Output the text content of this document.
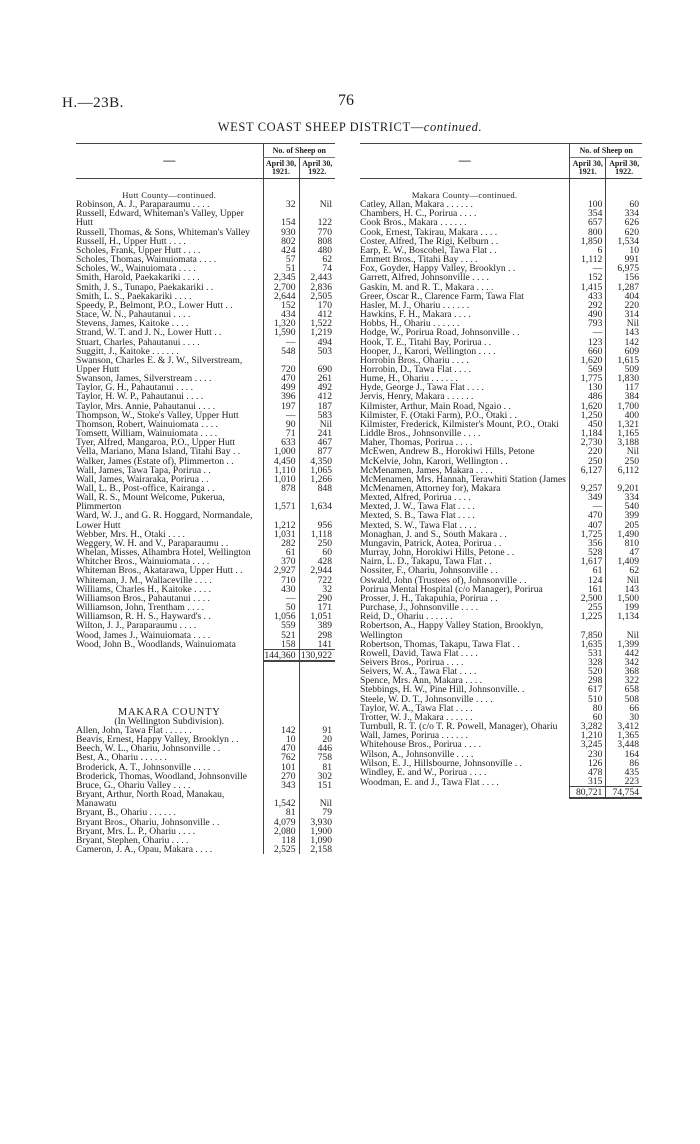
H.—23B.	76
WEST COAST SHEEP DISTRICT—continued.
—	No. of Sheep on	
	April 30, 1921.	April 30, 1922.

Hutt County—continued.		
Robinson, A. J., Paraparaumu . . . .	32	Nil
Russell, Edward, Whiteman's Valley, Upper Hutt	154	122
Russell, Thomas, & Sons, Whiteman's Valley	930	770
Russell, H., Upper Hutt . . . .	802	808
Scholes, Frank, Upper Hutt . . . .	424	480
Scholes, Thomas, Wainuiomata . . . .	57	62
Scholes, W., Wainuiomata . . . .	51	74
Smith, Harold, Paekakariki . . . .	2,345	2,443
Smith, J. S., Tunapo, Paekakariki . .	2,700	2,836
Smith, L. S., Paekakariki . . . .	2,644	2,505
Speedy, P., Belmont, P.O., Lower Hutt . .	152	170
Stace, W. N., Pahautanui . . . .	434	412
Stevens, James, Kaitoke . . . .	1,320	1,522
Strand, W. T. and J. N., Lower Hutt . .	1,590	1,219
Stuart, Charles, Pahautanui . . . .	—	494
Suggitt, J., Kaitoke . . . . . .	548	503
Swanson, Charles E. & J. W., Silverstream, Upper Hutt	720	690
Swanson, James, Silverstream . . . .	470	261
Taylor, G. H., Pahautanui . . . .	499	492
Taylor, H. W. P., Pahautanui . . . .	396	412
Taylor, Mrs. Annie, Pahautanui . . . .	197	187
Thompson, W., Stoke's Valley, Upper Hutt	—	583
Thomson, Robert, Wainuiomata . . . .	90	Nil
Tomsett, William, Wainuiomata . . . .	71	241
Tyer, Alfred, Mangaroa, P.O., Upper Hutt	633	467
Vella, Mariano, Mana Island, Titahi Bay . .	1,000	877
Walker, James (Estate of), Plimmerton . .	4,450	4,350
Wall, James, Tawa Tapa, Porirua . .	1,110	1,065
Wall, James, Wairaraka, Porirua . .	1,010	1,266
Wall, L. B., Post-office, Kairanga . .	878	848
Wall, R. S., Mount Welcome, Pukerua, Plimmerton	1,571	1,634
Ward, W. J., and G. R. Hoggard, Normandale, Lower Hutt	1,212	956
Webber, Mrs. H., Otaki . . . .	1,031	1,118
Weggery, W. H. and V., Paraparaumu . .	282	250
Whelan, Misses, Alhambra Hotel, Wellington	61	60
Whitcher Bros., Wainuiomata . . . .	370	428
Whiteman Bros., Akatarawa, Upper Hutt . .	2,927	2,944
Whiteman, J. M., Wallaceville . . . .	710	722
Williams, Charles H., Kaitoke . . . .	430	32
Williamson Bros., Pahautanui . . . .	—	290
Williamson, John, Trentham . . . .	50	171
Williamson, R. H. S., Hayward's . .	1,056	1,051
Wilton, J. J., Paraparaumu . . . .	559	389
Wood, James J., Wainuiomata . . . .	521	298
Wood, John B., Woodlands, Wainuiomata	158	141
	144,360	130,922

MAKARA COUNTY		
(In Wellington Subdivision).		
Allen, John, Tawa Flat . . . . . .	142	91
Beavis, Ernest, Happy Valley, Brooklyn . .	10	20
Beech, W. L., Ohariu, Johnsonville . .	470	446
Best, A., Ohariu . . . . . .	762	758
Broderick, A. T., Johnsonville . . . .	101	81
Broderick, Thomas, Woodland, Johnsonville	270	302
Bruce, G., Ohariu Valley . . . .	343	151
Bryant, Arthur, North Road, Manakau, Manawatu	1,542	Nil
Bryant, B., Ohariu . . . . . .	81	79
Bryant Bros., Ohariu, Johnsonville . .	4,079	3,930
Bryant, Mrs. L. P., Ohariu . . . .	2,080	1,900
Bryant, Stephen, Ohariu . . . .	118	1,090
Cameron, J. A., Opau, Makara . . . .	2,525	2,158
—	No. of Sheep on	
	April 30, 1921.	April 30, 1922.

Makara County—continued.		
Catley, Allan, Makara . . . . . .	100	60
Chambers, H. C., Porirua . . . .	354	334
Cook Bros., Makara . . . . . .	657	626
Cook, Ernest, Takirau, Makara . . . .	800	620
Coster, Alfred, The Rigi, Kelburn . .	1,850	1,534
Earp, E. W., Boscobel, Tawa Flat . .	6	10
Emmett Bros., Titahi Bay . . . .	1,112	991
Fox, Goyder, Happy Valley, Brooklyn . .	—	6,975
Garrett, Alfred, Johnsonville . . . .	152	156
Gaskin, M. and R. T., Makara . . . .	1,415	1,287
Greer, Oscar R., Clarence Farm, Tawa Flat	433	404
Hasler, M. J., Ohariu . . . . . .	292	220
Hawkins, F. H., Makara . . . .	490	314
Hobbs, H., Ohariu . . . . . .	793	Nil
Hodge, W., Porirua Road, Johnsonville . .	—	143
Hook, T. E., Titahi Bay, Porirua . .	123	142
Hooper, J., Karori, Wellington . . . .	660	609
Horrobin Bros., Ohariu . . . .	1,620	1,615
Horrobin, D., Tawa Flat . . . .	569	509
Hume, H., Ohariu . . . . . .	1,775	1,830
Hyde, George J., Tawa Flat . . . .	130	117
Jervis, Henry, Makara . . . . . .	486	384
Kilmister, Arthur, Main Road, Ngaio . .	1,620	1,700
Kilmister, F. (Otaki Farm), P.O., Otaki . .	1,250	400
Kilmister, Frederick, Kilmister's Mount, P.O., Otaki	450	1,321
Liddle Bros., Johnsonville . . . .	1,184	1,165
Maher, Thomas, Porirua . . . .	2,730	3,188
McEwen, Andrew B., Horokiwi Hills, Petone	220	Nil
McKelvie, John, Karori, Wellington . .	250	250
McMenamen, James, Makara . . . .	6,127	6,112
McMenamen, Mrs. Hannah, Terawhiti Station (James McMenamen, Attorney for), Makara	9,257	9,201
Mexted, Alfred, Porirua . . . .	349	334
Mexted, J. W., Tawa Flat . . . .	—	540
Mexted, S. B., Tawa Flat . . . .	470	399
Mexted, S. W., Tawa Flat . . . .	407	205
Monaghan, J. and S., South Makara . .	1,725	1,490
Mungavin, Patrick, Aotea, Porirua . .	356	810
Murray, John, Horokiwi Hills, Petone . .	528	47
Nairn, L. D., Takapu, Tawa Flat . .	1,617	1,409
Nossiter, F., Ohariu, Johnsonville . .	61	62
Oswald, John (Trustees of), Johnsonville . .	124	Nil
Porirua Mental Hospital (c/o Manager), Porirua	161	143
Prosser, J. H., Takapuhia, Porirua . .	2,500	1,500
Purchase, J., Johnsonville . . . .	255	199
Reid, D., Ohariu . . . . . .	1,225	1,134
Robertson, A., Happy Valley Station, Brooklyn, Wellington	7,850	Nil
Robertson, Thomas, Takapu, Tawa Flat . .	1,635	1,399
Rowell, David, Tawa Flat . . . .	531	442
Seivers Bros., Porirua . . . .	328	342
Seivers, W. A., Tawa Flat . . . .	520	368
Spence, Mrs. Ann, Makara . . . .	298	322
Stebbings, H. W., Pine Hill, Johnsonville. .	617	658
Steele, W. D. T., Johnsonville . . . .	510	508
Taylor, W. A., Tawa Flat . . . .	80	66
Trotter, W. J., Makara . . . . . .	60	30
Turnbull, R. T. (c/o T. R. Powell, Manager), Ohariu	3,282	3,412
Wall, James, Porirua . . . . . .	1,210	1,365
Whitehouse Bros., Porirua . . . .	3,245	3,448
Wilson, A., Johnsonville . . . .	230	164
Wilson, E. J., Hillsbourne, Johnsonville . .	126	86
Windley, E. and W., Porirua . . . .	478	435
Woodman, E. and J., Tawa Flat . . . .	315	223
	80,721	74,754
